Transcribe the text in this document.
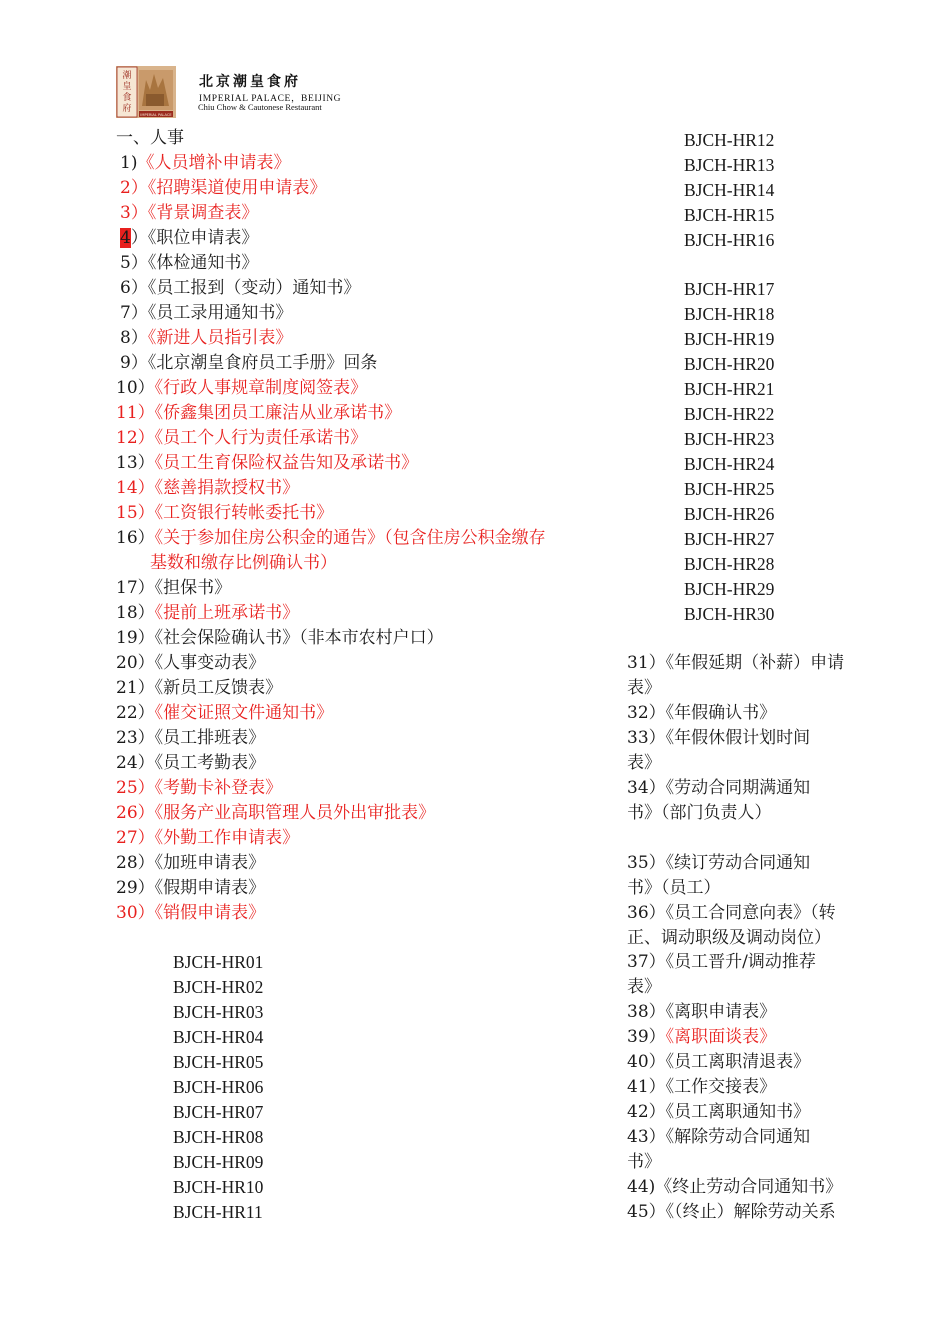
潮
皇
食
府
IMPERIAL PALACE
北京潮皇食府
IMPERIAL PALACE，BEIJING
Chiu Chow & Cautonese Restaurant
一、人事
1)《人员增补申请表》
2）《招聘渠道使用申请表》
3）《背景调查表》
4）《职位申请表》
5）《体检通知书》
6）《员工报到（变动）通知书》
7）《员工录用通知书》
8）《新进人员指引表》
9）《北京潮皇食府员工手册》回条
10）《行政人事规章制度阅签表》
11）《侨鑫集团员工廉洁从业承诺书》
12）《员工个人行为责任承诺书》
13）《员工生育保险权益告知及承诺书》
14）《慈善捐款授权书》
15）《工资银行转帐委托书》
16）《关于参加住房公积金的通告》（包含住房公积金缴存
基数和缴存比例确认书）
17）《担保书》
18）《提前上班承诺书》
19）《社会保险确认书》（非本市农村户口）
20）《人事变动表》
21）《新员工反馈表》
22）《催交证照文件通知书》
23）《员工排班表》
24）《员工考勤表》
25）《考勤卡补登表》
26）《服务产业高职管理人员外出审批表》
27）《外勤工作申请表》
28）《加班申请表》
29）《假期申请表》
30）《销假申请表》
BJCH-HR12
BJCH-HR13
BJCH-HR14
BJCH-HR15
BJCH-HR16
BJCH-HR17
BJCH-HR18
BJCH-HR19
BJCH-HR20
BJCH-HR21
BJCH-HR22
BJCH-HR23
BJCH-HR24
BJCH-HR25
BJCH-HR26
BJCH-HR27
BJCH-HR28
BJCH-HR29
BJCH-HR30
BJCH-HR01
BJCH-HR02
BJCH-HR03
BJCH-HR04
BJCH-HR05
BJCH-HR06
BJCH-HR07
BJCH-HR08
BJCH-HR09
BJCH-HR10
BJCH-HR11
31）《年假延期（补薪）申请
表》
32）《年假确认书》
33）《年假休假计划时间
表》
34）《劳动合同期满通知
书》（部门负责人）
35）《续订劳动合同通知
书》（员工）
36）《员工合同意向表》（转
正、调动职级及调动岗位）
37）《员工晋升/调动推荐
表》
38）《离职申请表》
39）《离职面谈表》
40）《员工离职清退表》
41）《工作交接表》
42）《员工离职通知书》
43）《解除劳动合同通知
书》
44)《终止劳动合同通知书》
45）《（终止）解除劳动关系
